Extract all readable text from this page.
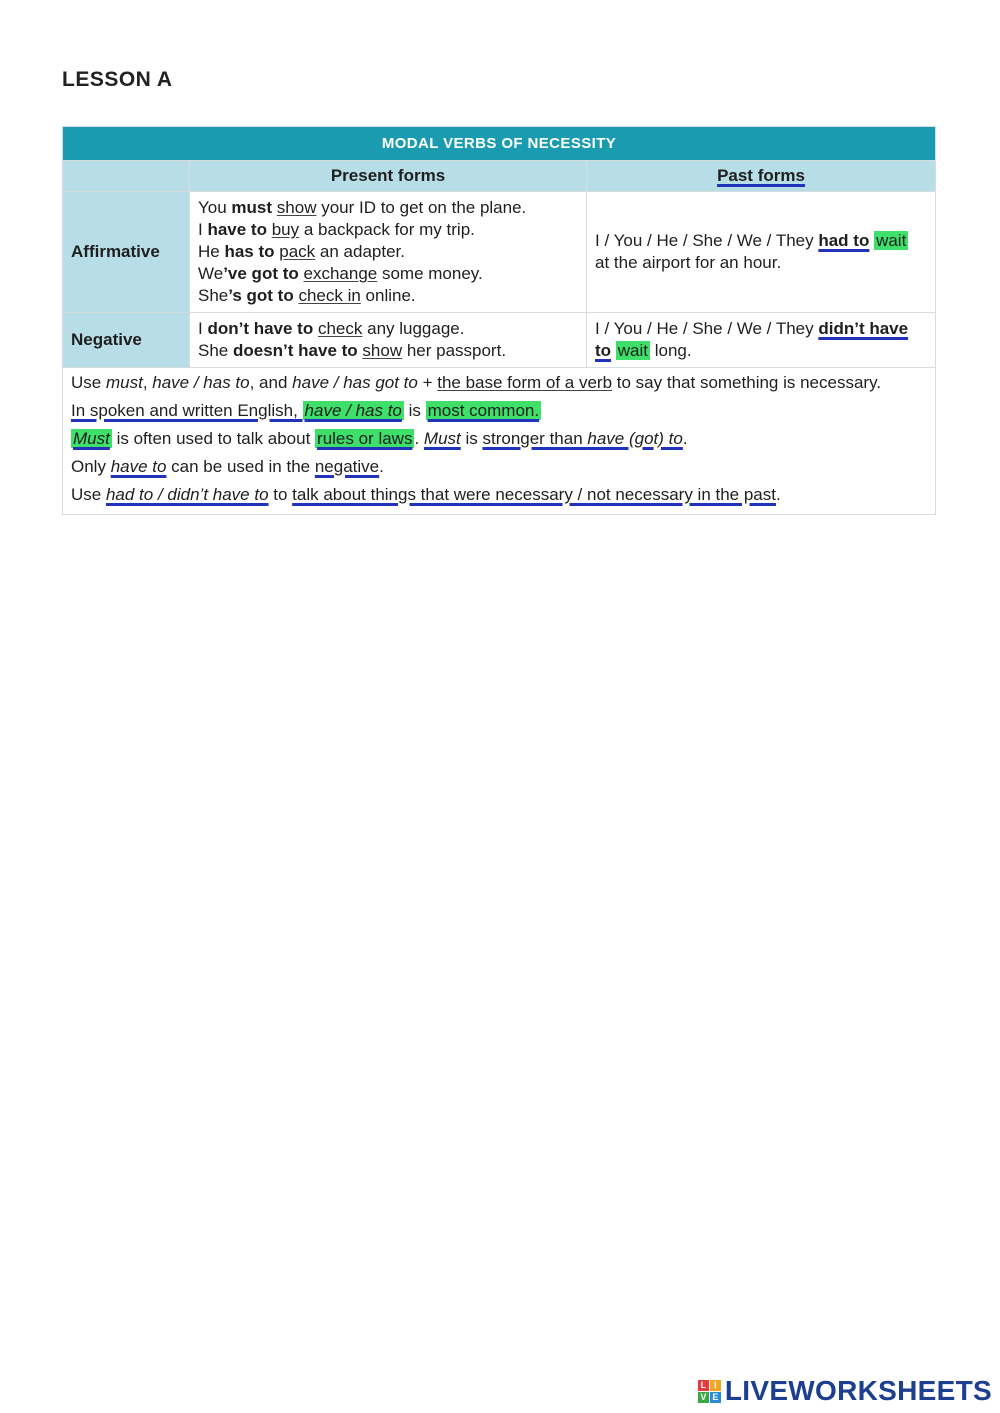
LESSON A
MODAL VERBS OF NECESSITY		
	Present forms	Past forms
Affirmative	You must show your ID to get on the plane.
I have to buy a backpack for my trip.
He has to pack an adapter.
We’ve got to exchange some money.
She’s got to check in online.	I / You / He / She / We / They had to wait at the airport for an hour.
Negative	I don’t have to check any luggage.
She doesn’t have to show her passport.	I / You / He / She / We / They didn’t have to wait long.

Use must, have / has to, and have / has got to + the base form of a verb to say that something is necessary.

In spoken and written English, have / has to is most common.

Must is often used to talk about rules or laws . Must is stronger than have (got) to.

Only have to can be used in the negative.

Use had to / didn’t have to to talk about things that were necessary / not necessary in the past.		

L I
V E LIVEWORKSHEETS
